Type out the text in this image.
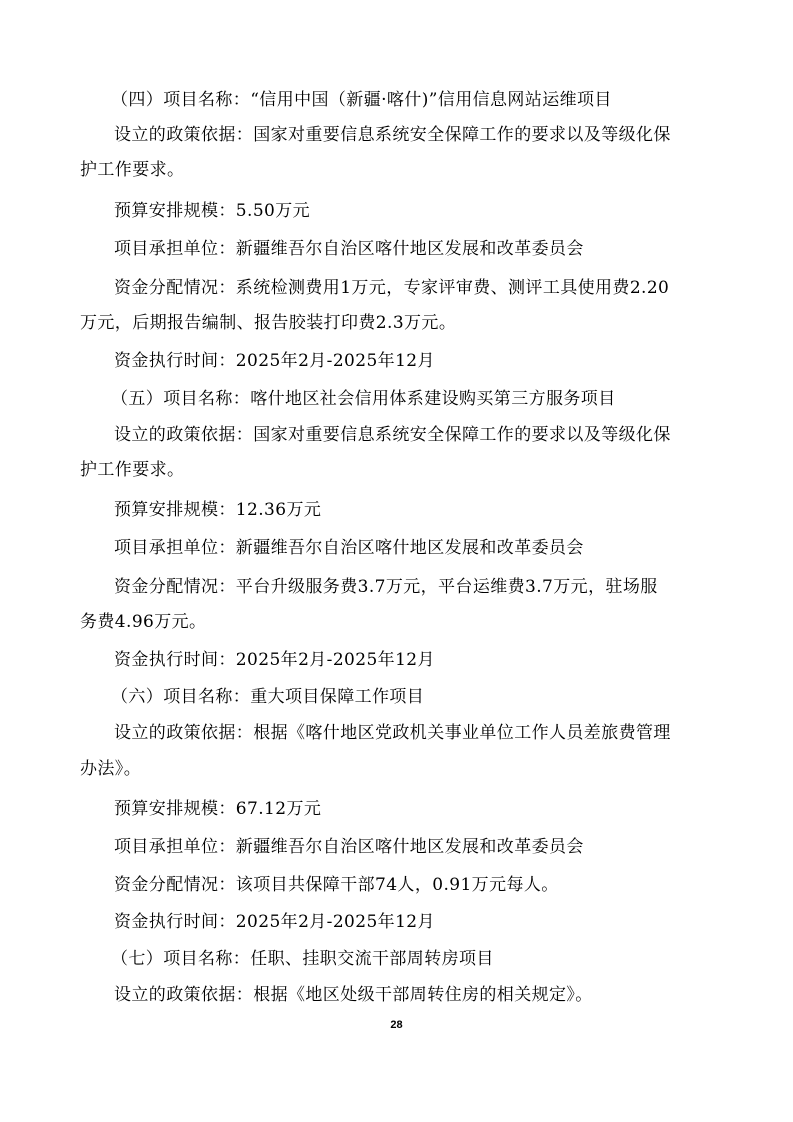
（四）项目名称：“信用中国（新疆·喀什)”信用信息网站运维项目
设立的政策依据：国家对重要信息系统安全保障工作的要求以及等级化保
护工作要求。
预算安排规模：5.50万元
项目承担单位：新疆维吾尔自治区喀什地区发展和改革委员会
资金分配情况：系统检测费用1万元，专家评审费、测评工具使用费2.20
万元，后期报告编制、报告胶装打印费2.3万元。
资金执行时间：2025年2月-2025年12月
（五）项目名称：喀什地区社会信用体系建设购买第三方服务项目
设立的政策依据：国家对重要信息系统安全保障工作的要求以及等级化保
护工作要求。
预算安排规模：12.36万元
项目承担单位：新疆维吾尔自治区喀什地区发展和改革委员会
资金分配情况：平台升级服务费3.7万元，平台运维费3.7万元，驻场服
务费4.96万元。
资金执行时间：2025年2月-2025年12月
（六）项目名称：重大项目保障工作项目
设立的政策依据：根据《喀什地区党政机关事业单位工作人员差旅费管理
办法》。
预算安排规模：67.12万元
项目承担单位：新疆维吾尔自治区喀什地区发展和改革委员会
资金分配情况：该项目共保障干部74人，0.91万元每人。
资金执行时间：2025年2月-2025年12月
（七）项目名称：任职、挂职交流干部周转房项目
设立的政策依据：根据《地区处级干部周转住房的相关规定》。
28
